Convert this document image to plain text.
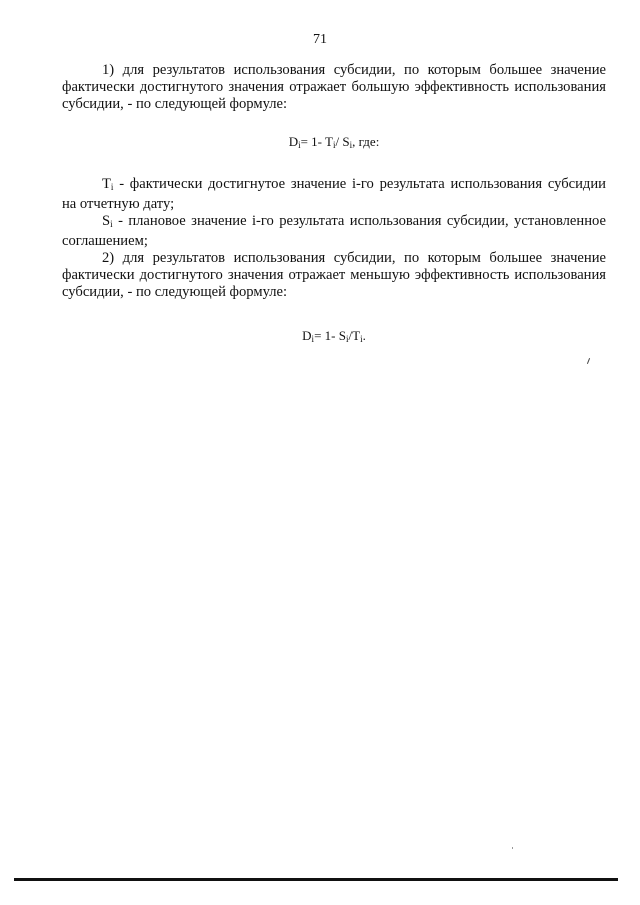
71

1) для результатов использования субсидии, по которым большее значение фактически достигнутого значения отражает большую эффективность использования субсидии, - по следующей формуле:

$D_i= 1-$ $T_i/$ $S_i$, где:

$T_i$ - фактически достигнутое значение i-го результата использования субсидии на отчетную дату;

$S_i$ - плановое значение i-го результата использования субсидии, установленное соглашением;

2) для результатов использования субсидии, по которым большее значение фактически достигнутого значения отражает меньшую эффективность использования субсидии, - по следующей формуле:

$D_i= 1-$ $S_i/T_i$.
